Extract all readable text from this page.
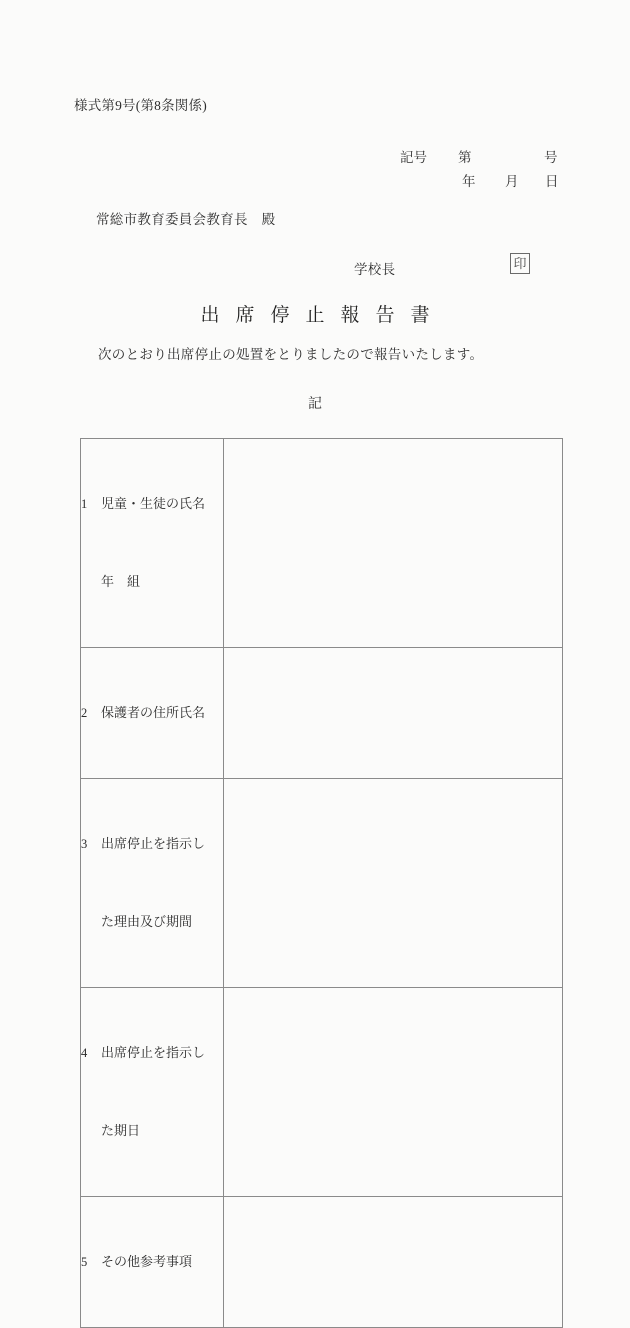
様式第9号(第8条関係)

記号

第

	号

年

月

日

常総市教育委員会教育長　殿
学校長	印
出席停止報告書
次のとおり出席停止の処置をとりましたので報告いたします。
記

1 児童・生徒の氏名

年　組	

2 保護者の住所氏名	

3 出席停止を指示し

た理由及び期間	

4 出席停止を指示し

た期日	

5 その他参考事項	
